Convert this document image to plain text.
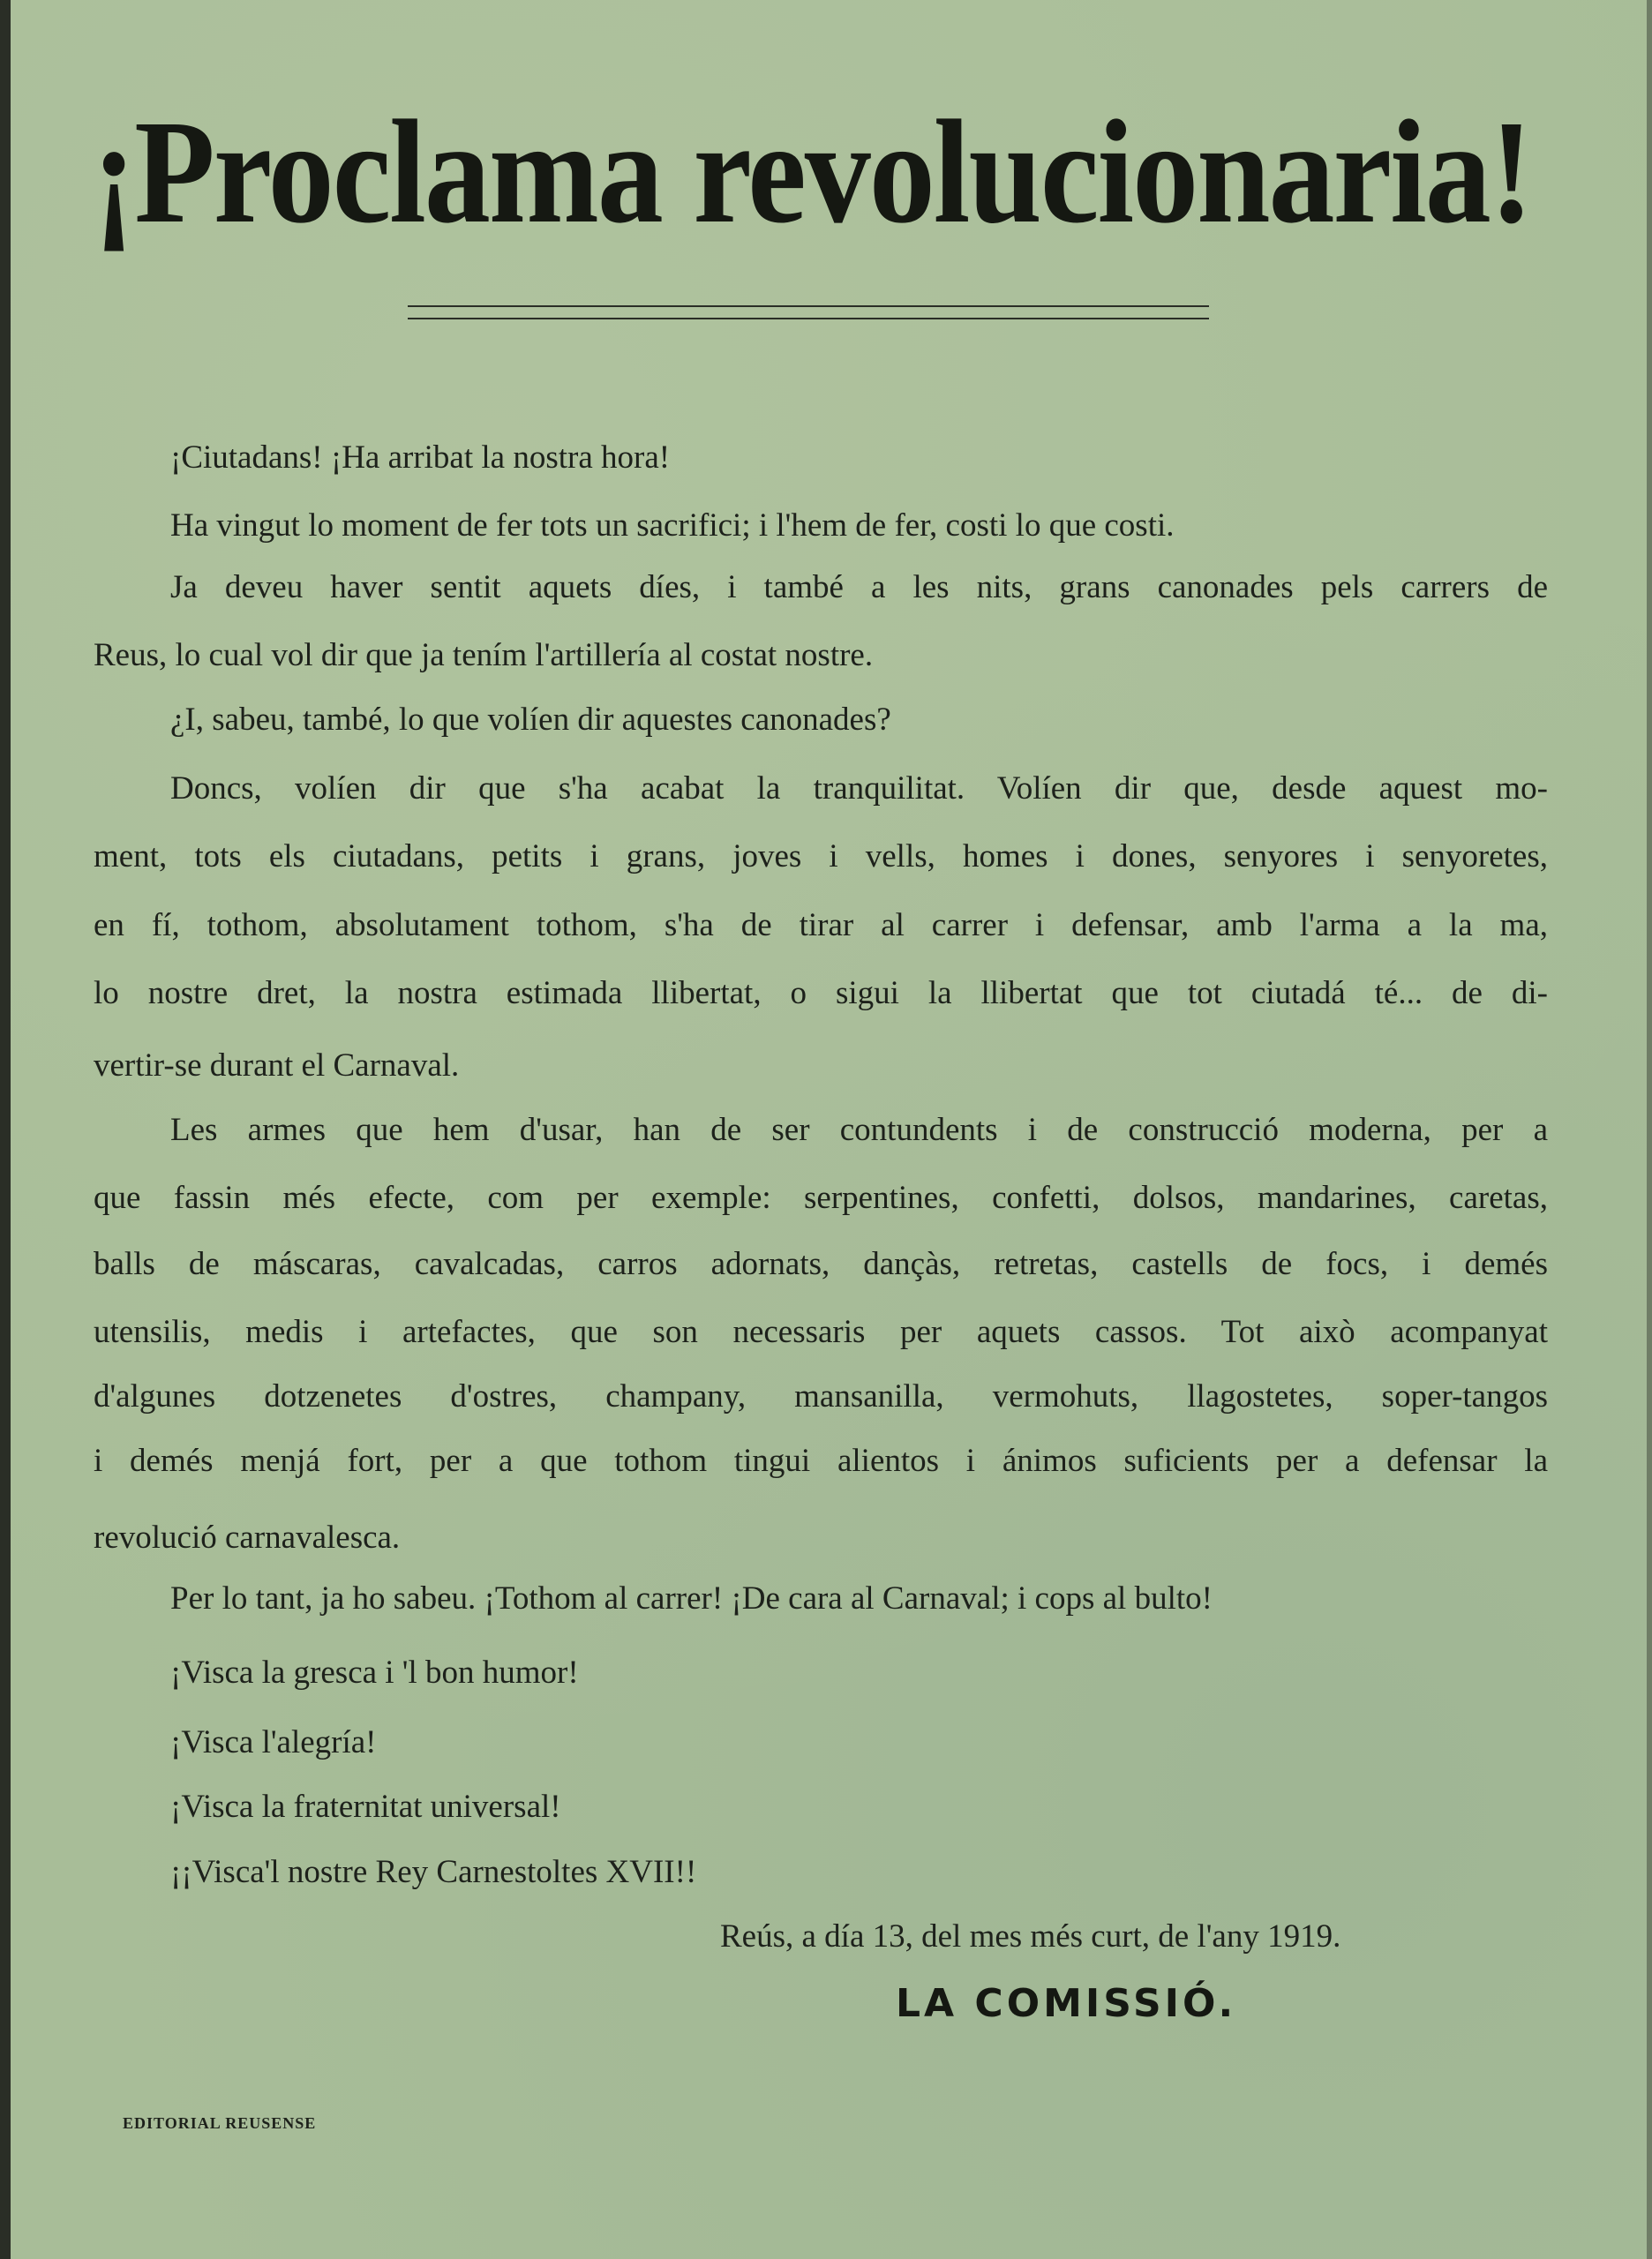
¡Proclama revolucionaria!
¡Ciutadans! ¡Ha arribat la nostra hora!
Ha vingut lo moment de fer tots un sacrifici; i l'hem de fer, costi lo que costi.
Ja deveu haver sentit aquets díes, i també a les nits, grans canonades pels carrers de
Reus, lo cual vol dir que ja tením l'artillería al costat nostre.
¿I, sabeu, també, lo que volíen dir aquestes canonades?
Doncs, volíen dir que s'ha acabat la tranquilitat. Volíen dir que, desde aquest mo-
ment, tots els ciutadans, petits i grans, joves i vells, homes i dones, senyores i senyoretes,
en fí, tothom, absolutament tothom, s'ha de tirar al carrer i defensar, amb l'arma a la ma,
lo nostre dret, la nostra estimada llibertat, o sigui la llibertat que tot ciutadá té... de di-
vertir-se durant el Carnaval.
Les armes que hem d'usar, han de ser contundents i de construcció moderna, per a
que fassin més efecte, com per exemple: serpentines, confetti, dolsos, mandarines, caretas,
balls de máscaras, cavalcadas, carros adornats, dançàs, retretas, castells de focs, i demés
utensilis, medis i artefactes, que son necessaris per aquets cassos. Tot això acompanyat
d'algunes dotzenetes d'ostres, champany, mansanilla, vermohuts, llagostetes, soper-tangos
i demés menjá fort, per a que tothom tingui alientos i ánimos suficients per a defensar la
revolució carnavalesca.
Per lo tant, ja ho sabeu. ¡Tothom al carrer! ¡De cara al Carnaval; i cops al bulto!
¡Visca la gresca i 'l bon humor!
¡Visca l'alegría!
¡Visca la fraternitat universal!
¡¡Visca'l nostre Rey Carnestoltes XVII!!
Reús, a día 13, del mes més curt, de l'any 1919.
LA COMISSIÓ.
EDITORIAL REUSENSE
